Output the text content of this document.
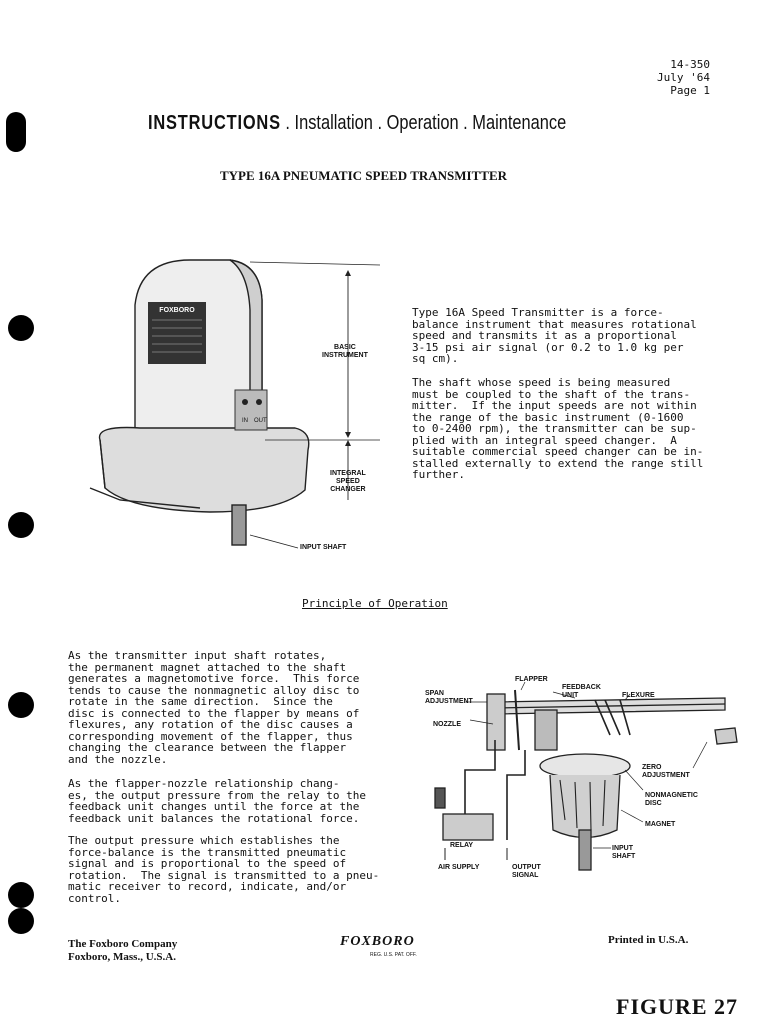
14-350
July '64
Page 1
INSTRUCTIONS . Installation . Operation . Maintenance
TYPE 16A PNEUMATIC SPEED TRANSMITTER
FOXBORO
IN OUT
BASIC
INSTRUMENT
INTEGRAL
SPEED
CHANGER
INPUT SHAFT
Type 16A Speed Transmitter is a force-
balance instrument that measures rotational
speed and transmits it as a proportional
3-15 psi air signal (or 0.2 to 1.0 kg per
sq cm).
The shaft whose speed is being measured
must be coupled to the shaft of the trans-
mitter.  If the input speeds are not within
the range of the basic instrument (0-1600
to 0-2400 rpm), the transmitter can be sup-
plied with an integral speed changer.  A
suitable commercial speed changer can be in-
stalled externally to extend the range still
further.
Principle of Operation
As the transmitter input shaft rotates,
the permanent magnet attached to the shaft
generates a magnetomotive force.  This force
tends to cause the nonmagnetic alloy disc to
rotate in the same direction.  Since the
disc is connected to the flapper by means of
flexures, any rotation of the disc causes a
corresponding movement of the flapper, thus
changing the clearance between the flapper
and the nozzle.
As the flapper-nozzle relationship chang-
es, the output pressure from the relay to the
feedback unit changes until the force at the
feedback unit balances the rotational force.
The output pressure which establishes the
force-balance is the transmitted pneumatic
signal and is proportional to the speed of
rotation.  The signal is transmitted to a pneu-
matic receiver to record, indicate, and/or
control.
FLAPPER
FEEDBACK
UNIT
SPAN
ADJUSTMENT
FLEXURE
NOZZLE
ZERO
ADJUSTMENT
NONMAGNETIC
DISC
MAGNET
RELAY	INPUT
SHAFT
AIR SUPPLY	OUTPUT
SIGNAL
The Foxboro Company
Foxboro, Mass., U.S.A.
FOXBORO
REG. U.S. PAT. OFF.
Printed in U.S.A.
FIGURE 27
